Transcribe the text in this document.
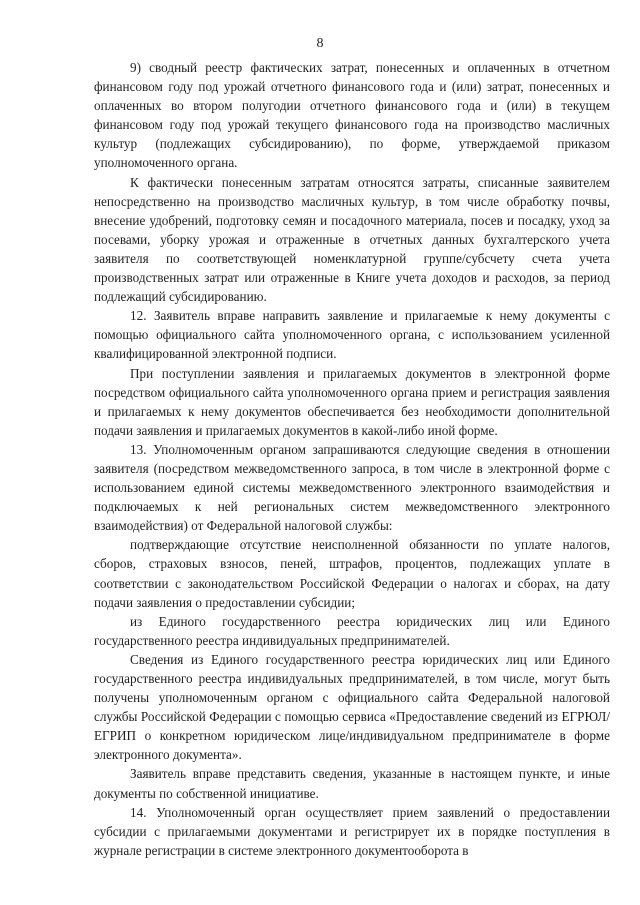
8

9) сводный реестр фактических затрат, понесенных и оплаченных в отчетном финансовом году под урожай отчетного финансового года и (или) затрат, понесенных и оплаченных во втором полугодии отчетного финансового года и (или) в текущем финансовом году под урожай текущего финансового года на производство масличных культур (подлежащих субсидированию), по форме, утверждаемой приказом уполномоченного органа.

К фактически понесенным затратам относятся затраты, списанные заявителем непосредственно на производство масличных культур, в том числе обработку почвы, внесение удобрений, подготовку семян и посадочного материала, посев и посадку, уход за посевами, уборку урожая и отраженные в отчетных данных бухгалтерского учета заявителя по соответствующей номенклатурной группе/субсчету счета учета производственных затрат или отраженные в Книге учета доходов и расходов, за период подлежащий субсидированию.

12. Заявитель вправе направить заявление и прилагаемые к нему документы с помощью официального сайта уполномоченного органа, с использованием усиленной квалифицированной электронной подписи.

При поступлении заявления и прилагаемых документов в электронной форме посредством официального сайта уполномоченного органа прием и регистрация заявления и прилагаемых к нему документов обеспечивается без необходимости дополнительной подачи заявления и прилагаемых документов в какой-либо иной форме.

13. Уполномоченным органом запрашиваются следующие сведения в отношении заявителя (посредством межведомственного запроса, в том числе в электронной форме с использованием единой системы межведомственного электронного взаимодействия и подключаемых к ней региональных систем межведомственного электронного взаимодействия) от Федеральной налоговой службы:

подтверждающие отсутствие неисполненной обязанности по уплате налогов, сборов, страховых взносов, пеней, штрафов, процентов, подлежащих уплате в соответствии с законодательством Российской Федерации о налогах и сборах, на дату подачи заявления о предоставлении субсидии;

из Единого государственного реестра юридических лиц или Единого государственного реестра индивидуальных предпринимателей.

Сведения из Единого государственного реестра юридических лиц или Единого государственного реестра индивидуальных предпринимателей, в том числе, могут быть получены уполномоченным органом с официального сайта Федеральной налоговой службы Российской Федерации с помощью сервиса «Предоставление сведений из ЕГРЮЛ/ЕГРИП о конкретном юридическом лице/индивидуальном предпринимателе в форме электронного документа».

Заявитель вправе представить сведения, указанные в настоящем пункте, и иные документы по собственной инициативе.

14. Уполномоченный орган осуществляет прием заявлений о предоставлении субсидии с прилагаемыми документами и регистрирует их в порядке поступления в журнале регистрации в системе электронного документооборота в
